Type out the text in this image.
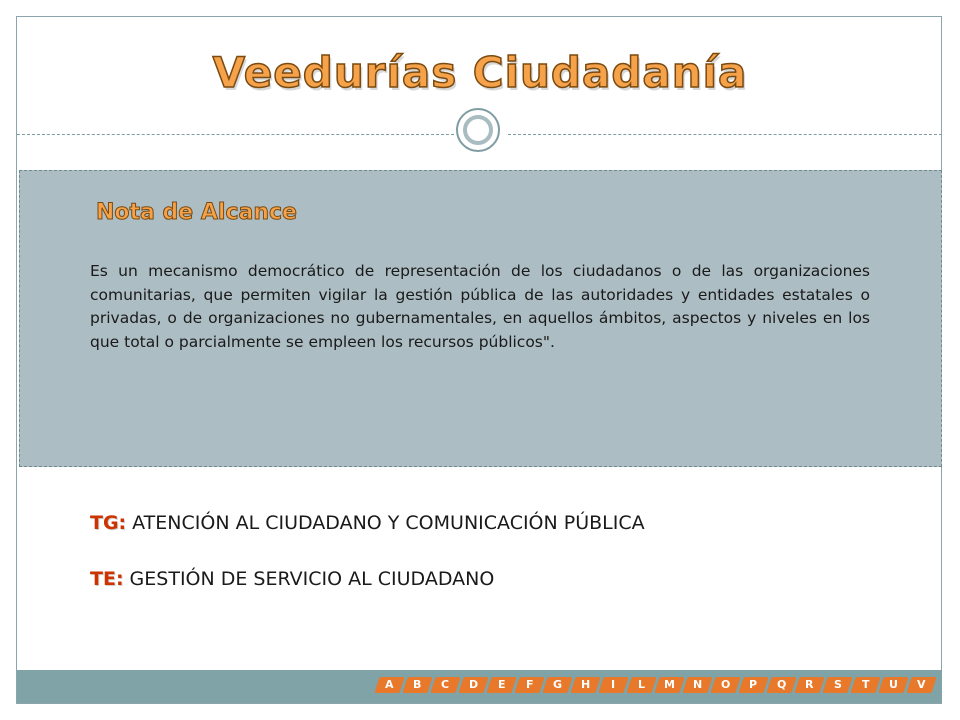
Veedurías Ciudadanía
Nota de Alcance
Es un mecanismo democrático de representación de los ciudadanos o de las organizaciones comunitarias, que permiten vigilar la gestión pública de las autoridades y entidades estatales o privadas, o de organizaciones no gubernamentales, en aquellos ámbitos, aspectos y niveles en los que total o parcialmente se empleen los recursos públicos".
TG: ATENCIÓN AL CIUDADANO Y COMUNICACIÓN PÚBLICA
TE: GESTIÓN DE SERVICIO AL CIUDADANO
A	B	C	D	E	F	G	H	I	L	M	N	O	P	Q	R	S	T	U	V
